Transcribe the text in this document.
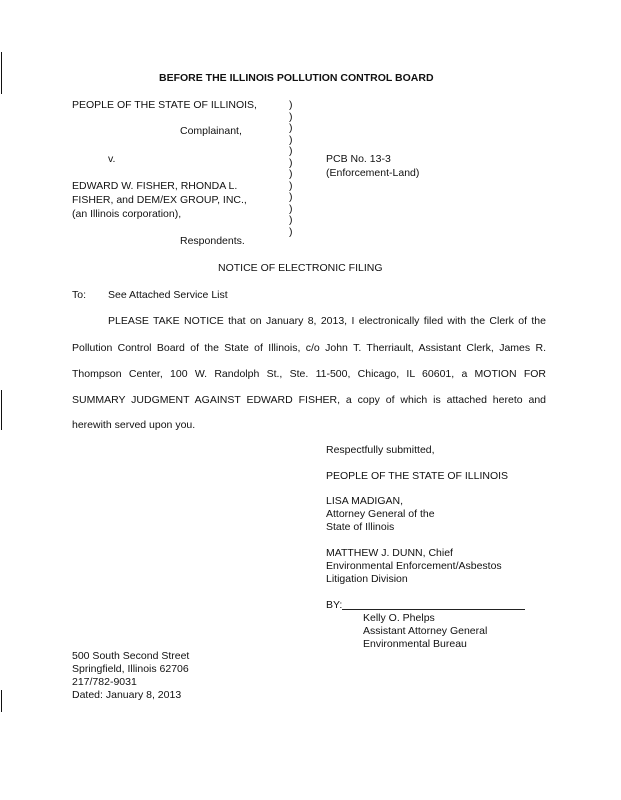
BEFORE THE ILLINOIS POLLUTION CONTROL BOARD
PEOPLE OF THE STATE OF ILLINOIS,
Complainant,
v.	PCB No. 13-3
(Enforcement-Land)
EDWARD W. FISHER, RHONDA L.
FISHER, and DEM/EX GROUP, INC.,
(an Illinois corporation),
Respondents.
)
)
)
)
)
)
)
)
)
)
)
)
NOTICE OF ELECTRONIC FILING
To: See Attached Service List
PLEASE TAKE NOTICE that on January 8, 2013, I electronically filed with the Clerk of the
Pollution Control Board of the State of Illinois, c/o John T. Therriault, Assistant Clerk, James R.
Thompson Center, 100 W. Randolph St., Ste. 11-500, Chicago, IL 60601, a MOTION FOR
SUMMARY JUDGMENT AGAINST EDWARD FISHER, a copy of which is attached hereto and
herewith served upon you.
Respectfully submitted,
PEOPLE OF THE STATE OF ILLINOIS
LISA MADIGAN,
Attorney General of the
State of Illinois
MATTHEW J. DUNN, Chief
Environmental Enforcement/Asbestos
Litigation Division
BY:
Kelly O. Phelps
Assistant Attorney General
Environmental Bureau
500 South Second Street
Springfield, Illinois 62706
217/782-9031
Dated: January 8, 2013
